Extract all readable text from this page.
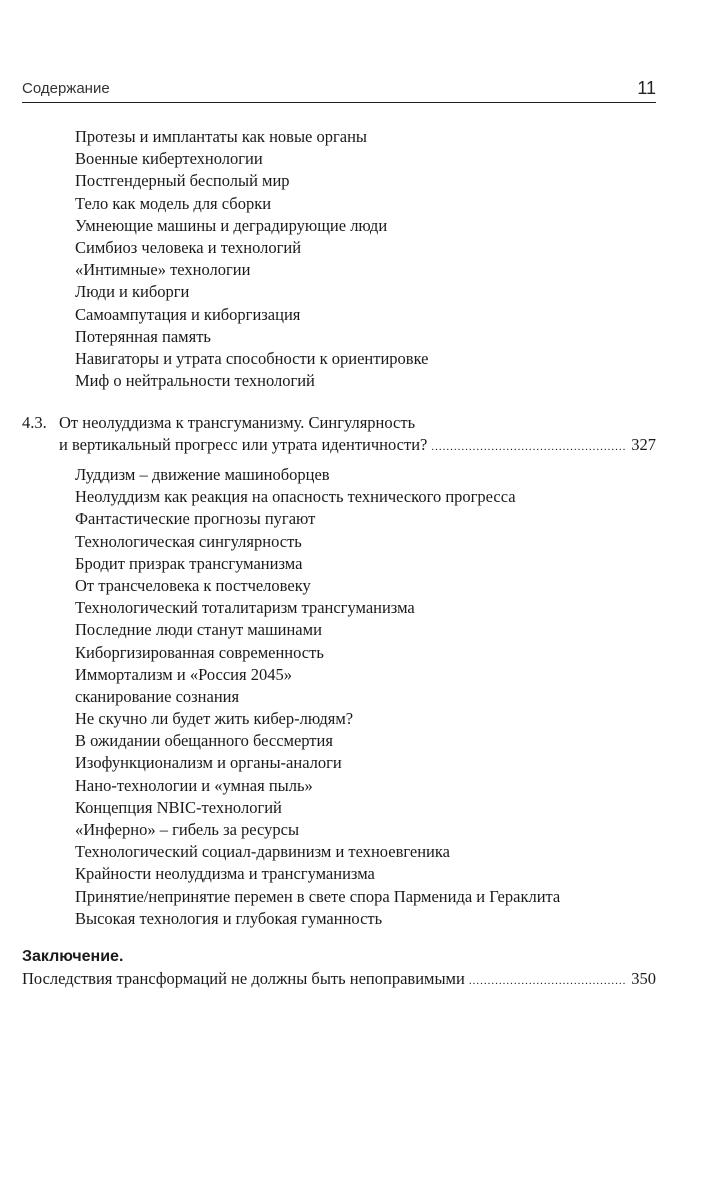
Содержание	11
Протезы и имплантаты как новые органы
Военные кибертехнологии
Постгендерный бесполый мир
Тело как модель для сборки
Умнеющие машины и деградирующие люди
Симбиоз человека и технологий
«Интимные» технологии
Люди и киборги
Самоампутация и киборгизация
Потерянная память
Навигаторы и утрата способности к ориентировке
Миф о нейтральности технологий
4.3. От неолуддизма к трансгуманизму. Сингулярность
и вертикальный прогресс или утрата идентичности? .....	327
Луддизм – движение машиноборцев
Неолуддизм как реакция на опасность технического прогресса
Фантастические прогнозы пугают
Технологическая сингулярность
Бродит призрак трансгуманизма
От трансчеловека к постчеловеку
Технологический тоталитаризм трансгуманизма
Последние люди станут машинами
Киборгизированная современность
Иммортализм и «Россия 2045»
сканирование сознания
Не скучно ли будет жить кибер-людям?
В ожидании обещанного бессмертия
Изофункционализм и органы-аналоги
Нано-технологии и «умная пыль»
Концепция NBIC-технологий
«Инферно» – гибель за ресурсы
Технологический социал-дарвинизм и техноевгеника
Крайности неолуддизма и трансгуманизма
Принятие/непринятие перемен в свете спора Парменида и Гераклита
Высокая технология и глубокая гуманность
Заключение.
Последствия трансформаций не должны быть непоправимыми .....	350
